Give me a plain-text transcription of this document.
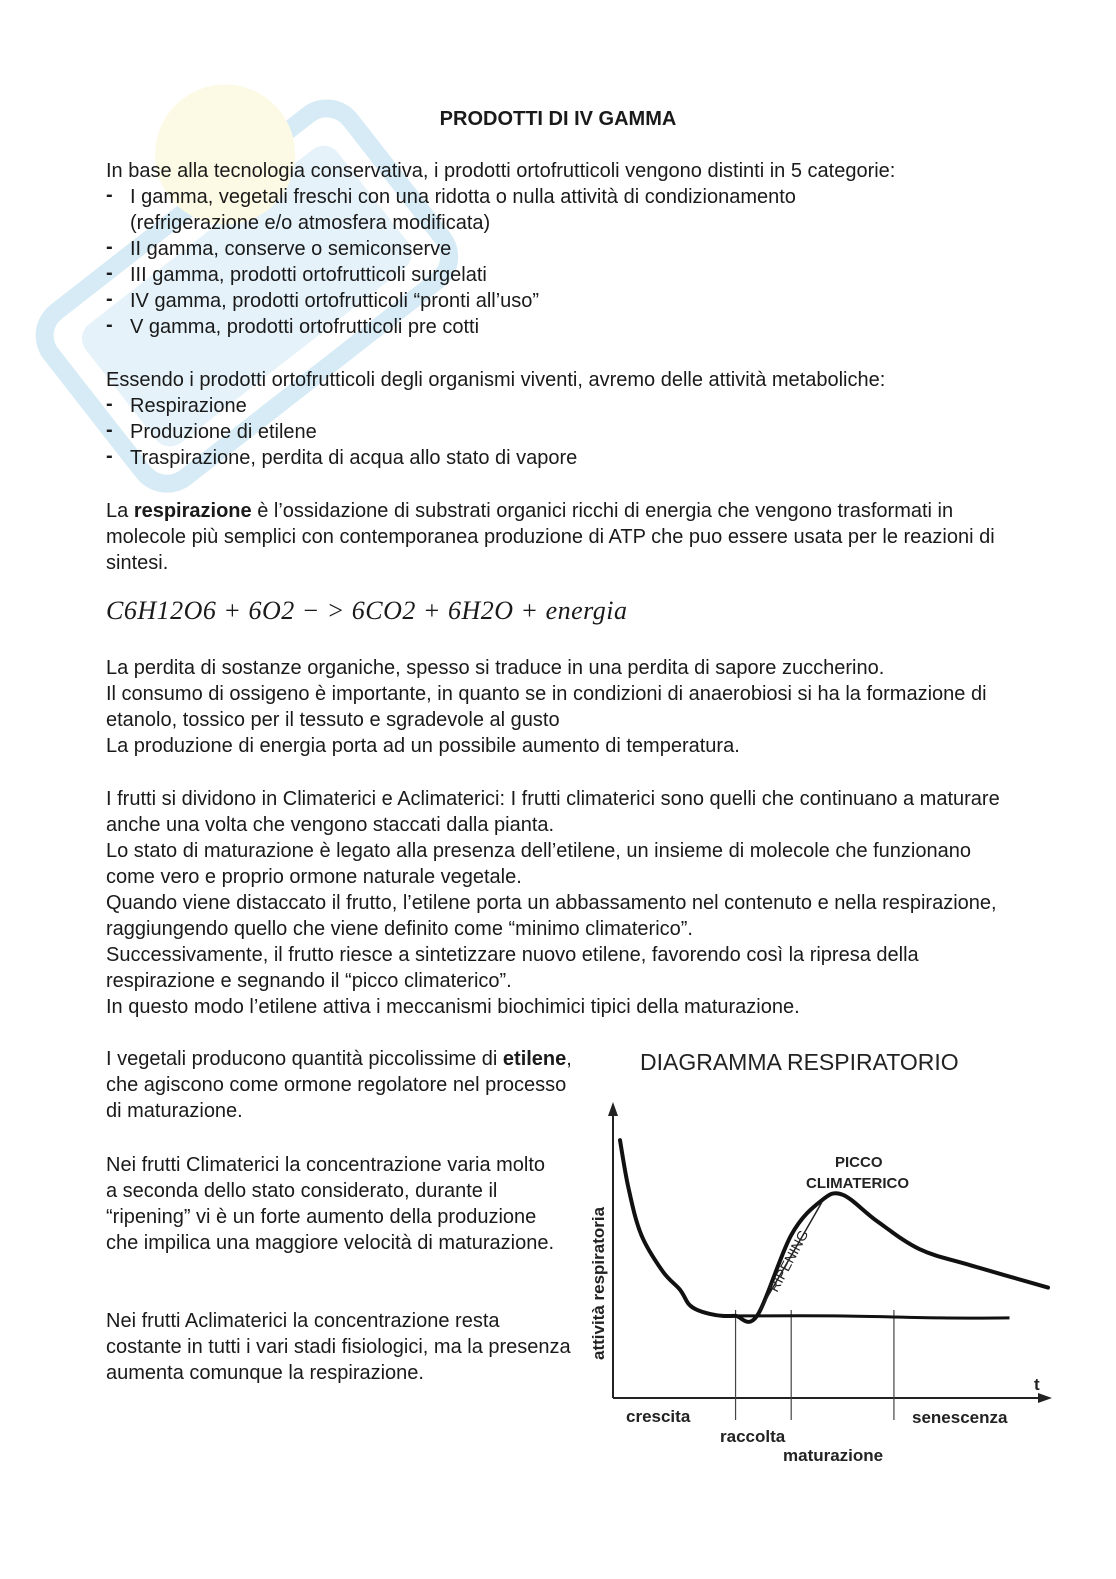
PRODOTTI DI IV GAMMA

In base alla tecnologia conservativa, i prodotti ortofrutticoli vengono distinti in 5 categorie:

- I gamma, vegetali freschi con una ridotta o nulla attività di condizionamento (refrigerazione e/o atmosfera modificata)
- II gamma, conserve o semiconserve
- III gamma, prodotti ortofrutticoli surgelati
- IV gamma, prodotti ortofrutticoli “pronti all’uso”
- V gamma, prodotti ortofrutticoli pre cotti

Essendo i prodotti ortofrutticoli degli organismi viventi, avremo delle attività metaboliche:

- Respirazione
- Produzione di etilene
- Traspirazione, perdita di acqua allo stato di vapore

La respirazione è l’ossidazione di substrati organici ricchi di energia che vengono trasformati in molecole più semplici con contemporanea produzione di ATP che puo essere usata per le reazioni di sintesi.

C6H12O6 + 6O2 − > 6CO2 + 6H2O + energia
La perdita di sostanze organiche, spesso si traduce in una perdita di sapore zuccherino.
Il consumo di ossigeno è importante, in quanto se in condizioni di anaerobiosi si ha la formazione di etanolo, tossico per il tessuto e sgradevole al gusto
La produzione di energia porta ad un possibile aumento di temperatura.
I frutti si dividono in Climaterici e Aclimaterici: I frutti climaterici sono quelli che continuano a maturare anche una volta che vengono staccati dalla pianta.
Lo stato di maturazione è legato alla presenza dell’etilene, un insieme di molecole che funzionano come vero e proprio ormone naturale vegetale.
Quando viene distaccato il frutto, l’etilene porta un abbassamento nel contenuto e nella respirazione, raggiungendo quello che viene definito come “minimo climaterico”.
Successivamente, il frutto riesce a sintetizzare nuovo etilene, favorendo così la ripresa della respirazione e segnando il “picco climaterico”.
In questo modo l’etilene attiva i meccanismi biochimici tipici della maturazione.

I vegetali producono quantità piccolissime di etilene, che agiscono come ormone regolatore nel processo di maturazione.

Nei frutti Climaterici la concentrazione varia molto a seconda dello stato considerato, durante il “ripening” vi è un forte aumento della produzione che impilica una maggiore velocità di maturazione.

Nei frutti Aclimaterici la concentrazione resta costante in tutti i vari stadi fisiologici, ma la presenza aumenta comunque la respirazione.

DIAGRAMMA RESPIRATORIO
t
attività respiratoria
PICCO
CLIMATERICO
RIPENING
crescita
raccolta
maturazione
senescenza
